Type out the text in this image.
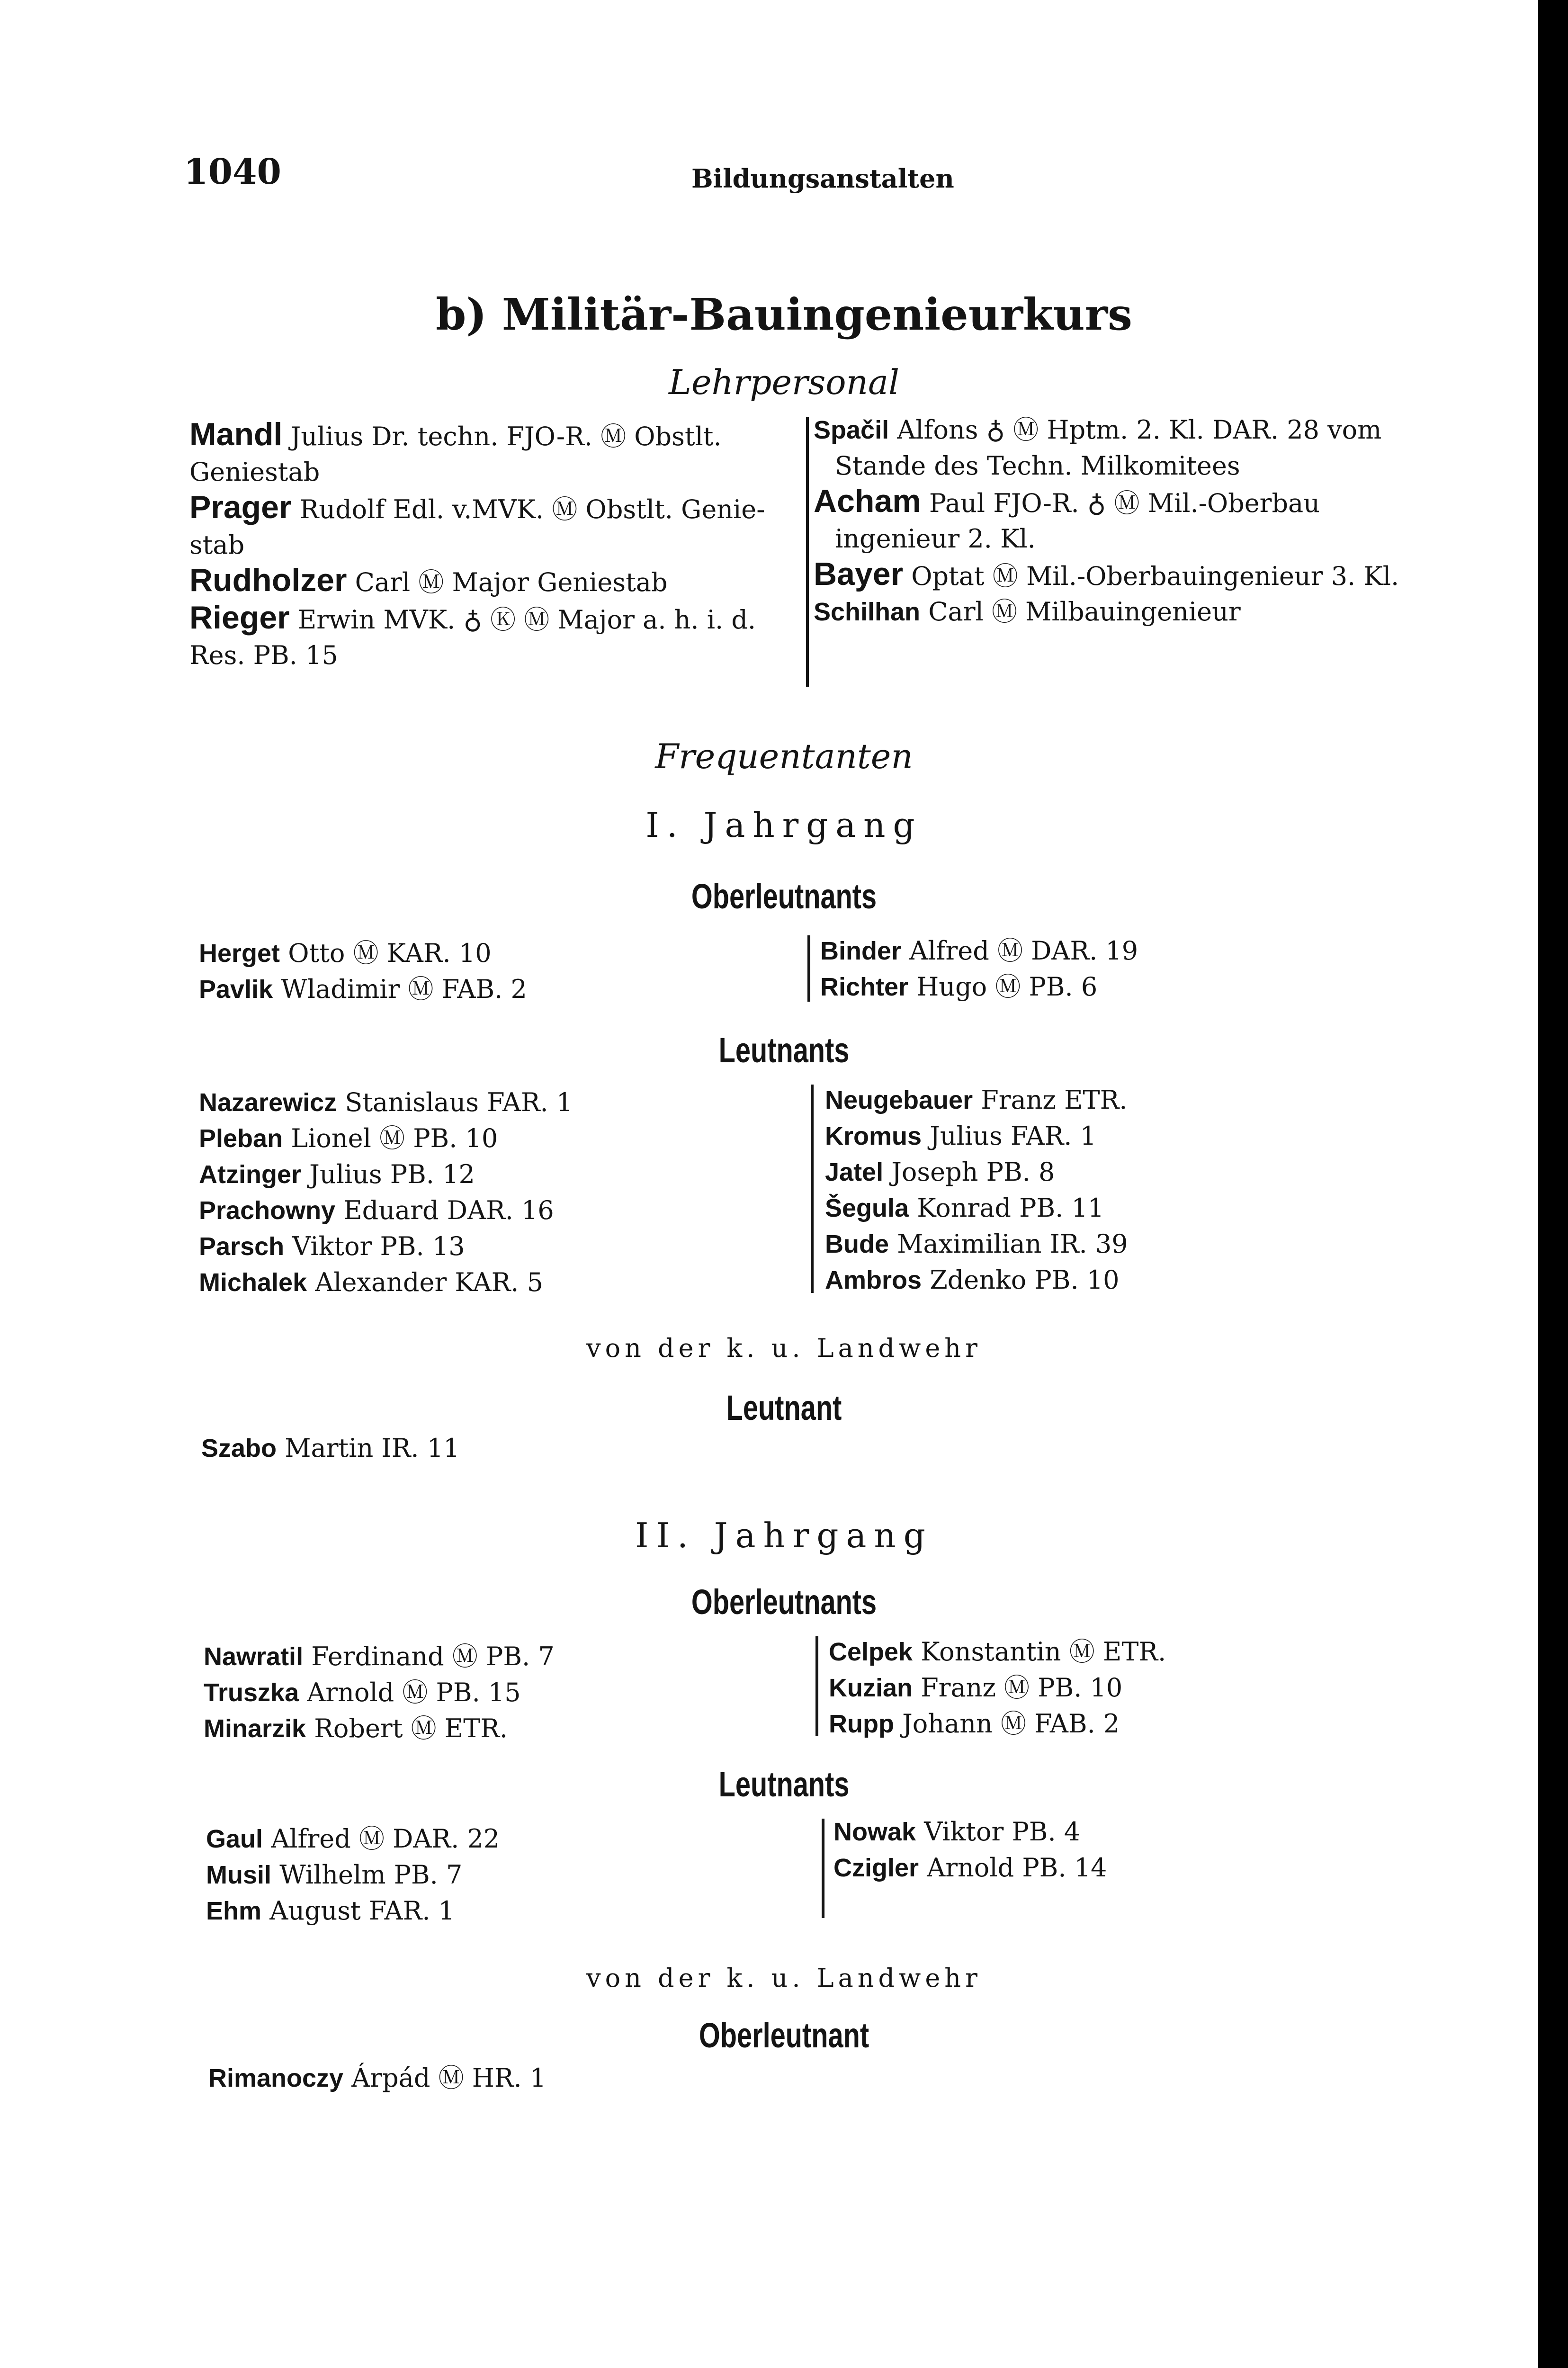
1040	Bildungsanstalten
b) Militär-Bauingenieurkurs
Lehrpersonal
Mandl Julius Dr. techn. FJO-R. Ⓜ Obstlt.
Geniestab
Prager Rudolf Edl. v.MVK. Ⓜ Obstlt. Genie-
stab
Rudholzer Carl Ⓜ Major Geniestab
Rieger Erwin MVK. ♁ Ⓚ Ⓜ Major a. h. i. d.
Res. PB. 15
Spačil Alfons ♁ Ⓜ Hptm. 2. Kl. DAR. 28 vom
Stande des Techn. Milkomitees
Acham Paul FJO-R. ♁ Ⓜ Mil.-Oberbau
ingenieur 2. Kl.
Bayer Optat Ⓜ Mil.-Oberbauingenieur 3. Kl.
Schilhan Carl Ⓜ Milbauingenieur
Frequentanten
I. Jahrgang
Oberleutnants
Herget Otto Ⓜ KAR. 10
Pavlik Wladimir Ⓜ FAB. 2
Binder Alfred Ⓜ DAR. 19
Richter Hugo Ⓜ PB. 6
Leutnants
Nazarewicz Stanislaus FAR. 1
Pleban Lionel Ⓜ PB. 10
Atzinger Julius PB. 12
Prachowny Eduard DAR. 16
Parsch Viktor PB. 13
Michalek Alexander KAR. 5
Neugebauer Franz ETR.
Kromus Julius FAR. 1
Jatel Joseph PB. 8
Šegula Konrad PB. 11
Bude Maximilian IR. 39
Ambros Zdenko PB. 10
von der k. u. Landwehr
Leutnant
Szabo Martin IR. 11
II. Jahrgang
Oberleutnants
Nawratil Ferdinand Ⓜ PB. 7
Truszka Arnold Ⓜ PB. 15
Minarzik Robert Ⓜ ETR.
Celpek Konstantin Ⓜ ETR.
Kuzian Franz Ⓜ PB. 10
Rupp Johann Ⓜ FAB. 2
Leutnants
Gaul Alfred Ⓜ DAR. 22
Musil Wilhelm PB. 7
Ehm August FAR. 1
Nowak Viktor PB. 4
Czigler Arnold PB. 14
von der k. u. Landwehr
Oberleutnant
Rimanoczy Árpád Ⓜ HR. 1
